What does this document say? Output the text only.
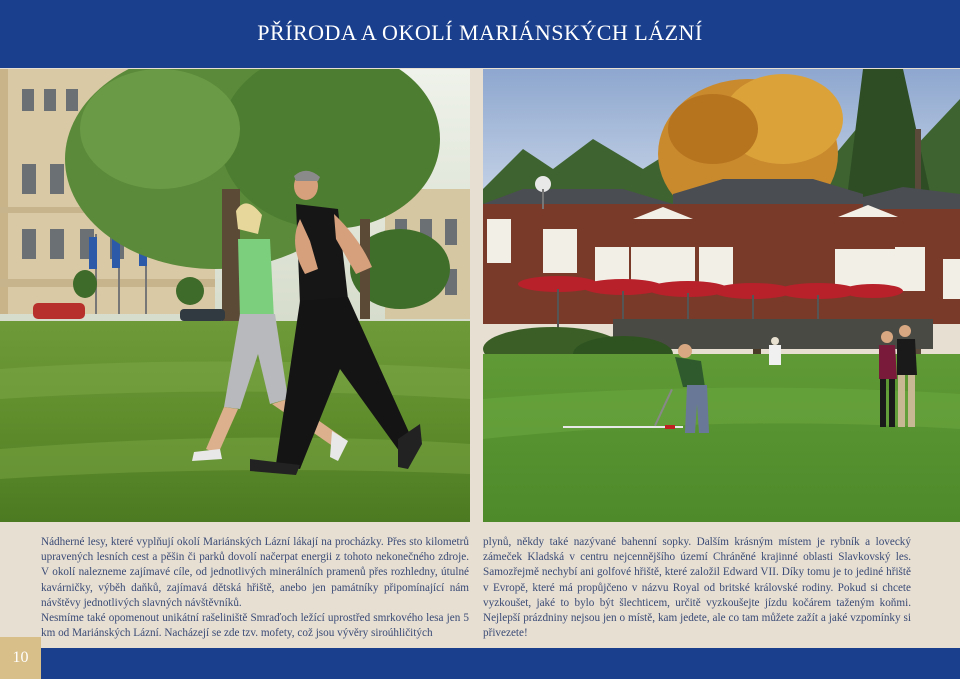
PŘÍRODA A OKOLÍ MARIÁNSKÝCH LÁZNÍ

Nádherné lesy, které vyplňují okolí Mariánských Lázní lákají na procházky. Přes sto kilometrů upravených lesních cest a pěšin či parků dovolí načerpat energii z tohoto nekonečného zdroje. V okolí nalezneme zajímavé cíle, od jednotlivých minerálních pramenů přes rozhledny, útulné kavárničky, výběh daňků, zajímavá dětská hřiště, anebo jen památníky připomínající nám návštěvy jednotlivých slavných návštěvníků.

Nesmíme také opomenout unikátní rašeliniště Smraďoch ležící uprostřed smrkového lesa jen 5 km od Mariánských Lázní. Nacházejí se zde tzv. mofety, což jsou vývěry siroúhličitých

plynů, někdy také nazývané bahenní sopky. Dalším krásným místem je rybník a lovecký zámeček Kladská v centru nejcennějšího území Chráněné krajinné oblasti Slavkovský les. Samozřejmě nechybí ani golfové hřiště, které založil Edward VII. Díky tomu je to jediné hřiště v Evropě, které má propůjčeno v názvu Royal od britské královské rodiny. Pokud si chcete vyzkoušet, jaké to bylo být šlechticem, určitě vyzkoušejte jízdu kočárem taženým koňmi. Nejlepší prázdniny nejsou jen o místě, kam jedete, ale co tam můžete zažít a jaké vzpomínky si přivezete!

10
